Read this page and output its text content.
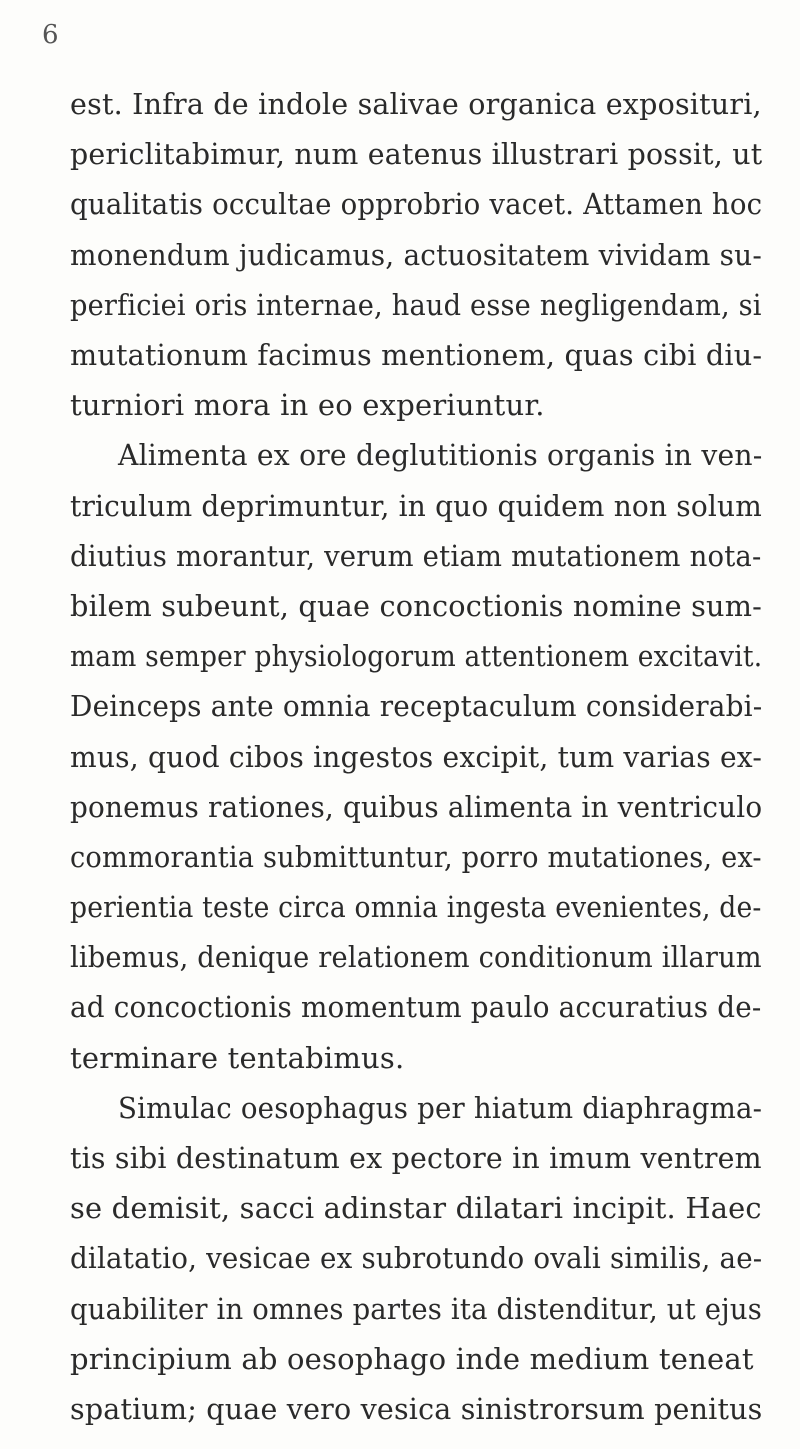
6
est. Infra de indole salivae organica exposituri,
periclitabimur, num eatenus illustrari possit, ut
qualitatis occultae opprobrio vacet. Attamen hoc
monendum judicamus, actuositatem vividam su-
perficiei oris internae, haud esse negligendam, si
mutationum facimus mentionem, quas cibi diu-
turniori mora in eo experiuntur.
Alimenta ex ore deglutitionis organis in ven-
triculum deprimuntur, in quo quidem non solum
diutius morantur, verum etiam mutationem nota-
bilem subeunt, quae concoctionis nomine sum-
mam semper physiologorum attentionem excitavit.
Deinceps ante omnia receptaculum considerabi-
mus, quod cibos ingestos excipit, tum varias ex-
ponemus rationes, quibus alimenta in ventriculo
commorantia submittuntur, porro mutationes, ex-
perientia teste circa omnia ingesta evenientes, de-
libemus, denique relationem conditionum illarum
ad concoctionis momentum paulo accuratius de-
terminare tentabimus.
Simulac oesophagus per hiatum diaphragma-
tis sibi destinatum ex pectore in imum ventrem
se demisit, sacci adinstar dilatari incipit. Haec
dilatatio, vesicae ex subrotundo ovali similis, ae-
quabiliter in omnes partes ita distenditur, ut ejus
principium ab oesophago inde medium teneat
spatium; quae vero vesica sinistrorsum penitus
